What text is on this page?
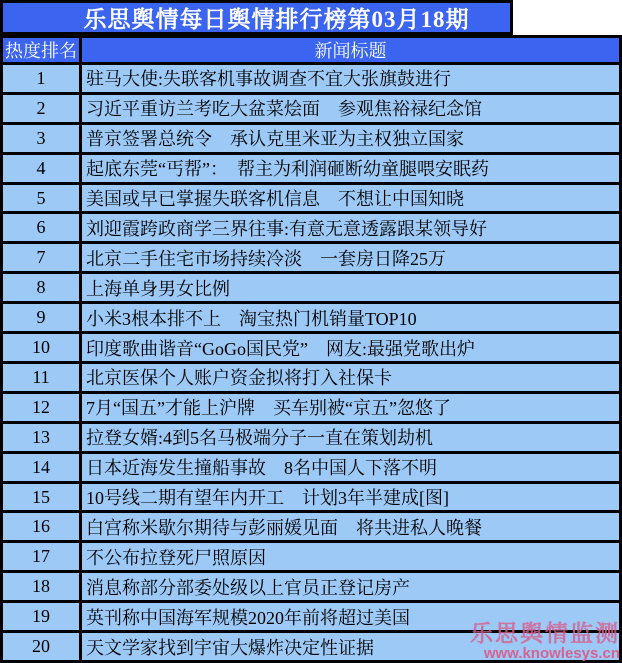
乐思舆情每日舆情排行榜第03月18期
热度排名	新闻标题
1	驻马大使:失联客机事故调查不宜大张旗鼓进行
2	习近平重访兰考吃大盆菜烩面　参观焦裕禄纪念馆
3	普京签署总统令　承认克里米亚为主权独立国家
4	起底东莞“丐帮”：　帮主为利润砸断幼童腿喂安眠药
5	美国或早已掌握失联客机信息　不想让中国知晓
6	刘迎霞跨政商学三界往事:有意无意透露跟某领导好
7	北京二手住宅市场持续冷淡　一套房日降25万
8	上海单身男女比例
9	小米3根本排不上　淘宝热门机销量TOP10
10	印度歌曲谐音“GoGo国民党”　网友:最强党歌出炉
11	北京医保个人账户资金拟将打入社保卡
12	7月“国五”才能上沪牌　买车别被“京五”忽悠了
13	拉登女婿:4到5名马极端分子一直在策划劫机
14	日本近海发生撞船事故　8名中国人下落不明
15	10号线二期有望年内开工　计划3年半建成[图]
16	白宫称米歇尔期待与彭丽媛见面　将共进私人晚餐
17	不公布拉登死尸照原因
18	消息称部分部委处级以上官员正登记房产
19	英刊称中国海军规模2020年前将超过美国
20	天文学家找到宇宙大爆炸决定性证据
乐思舆情监测
www.knowlesys.cn
